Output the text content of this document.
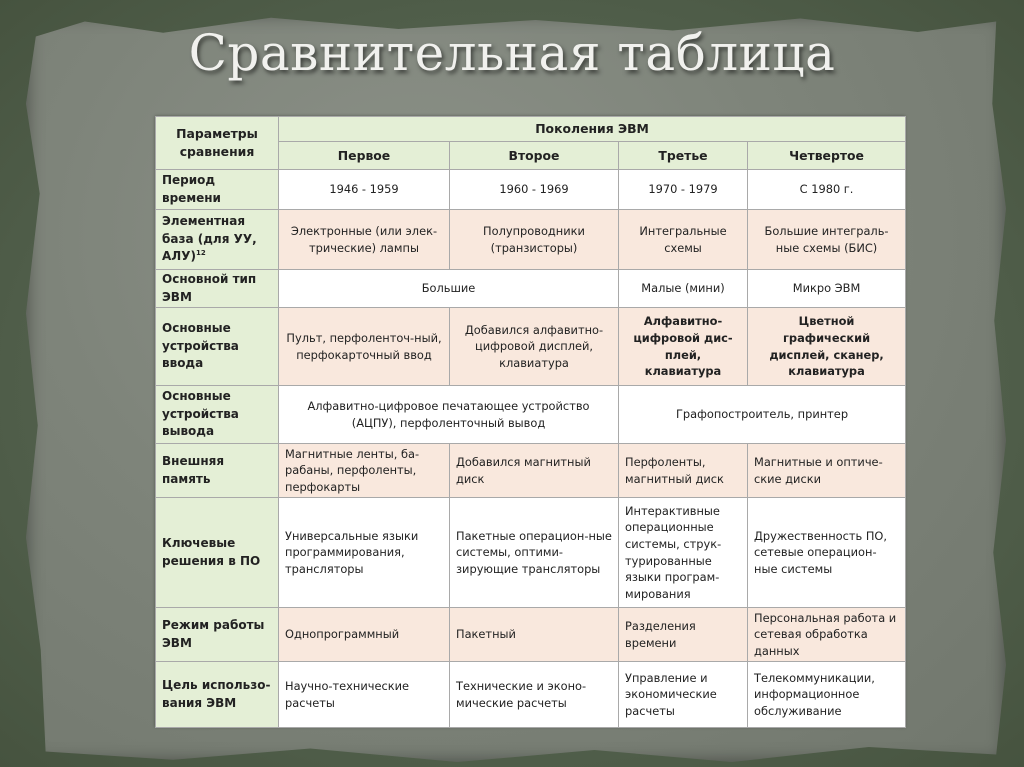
Сравнительная таблица
Параметры сравнения	Поколения ЭВМ			
	Первое	Второе	Третье	Четвертое
Период времени	1946 - 1959	1960 - 1969	1970 - 1979	С 1980 г.
Элементная база (для УУ, АЛУ)$^{12}$	Электронные (или элек-трические) лампы	Полупроводники (транзисторы)	Интегральные схемы	Большие интеграль-ные схемы (БИС)
Основной тип ЭВМ	Большие		Малые (мини)	Микро ЭВМ
Основные устройства ввода	Пульт, перфоленточ-ный, перфокарточный ввод	Добавился алфавитно-цифровой дисплей, клавиатура	Алфавитно-цифровой дис-плей, клавиатура	Цветной графический дисплей, сканер, клавиатура
Основные устройства вывода	Алфавитно-цифровое печатающее устройство (АЦПУ), перфоленточный вывод		Графопостроитель, принтер	
Внешняя память	Магнитные ленты, ба-рабаны, перфоленты, перфокарты	Добавился магнитный диск	Перфоленты, магнитный диск	Магнитные и оптиче-ские диски
Ключевые решения в ПО	Универсальные языки программирования, трансляторы	Пакетные операцион-ные системы, оптими-зирующие трансляторы	Интерактивные операционные системы, струк-турированные языки програм-мирования	Дружественность ПО, сетевые операцион-ные системы
Режим работы ЭВМ	Однопрограммный	Пакетный	Разделения времени	Персональная работа и сетевая обработка данных
Цель использо-вания ЭВМ	Научно-технические расчеты	Технические и эконо-мические расчеты	Управление и экономические расчеты	Телекоммуникации, информационное обслуживание
